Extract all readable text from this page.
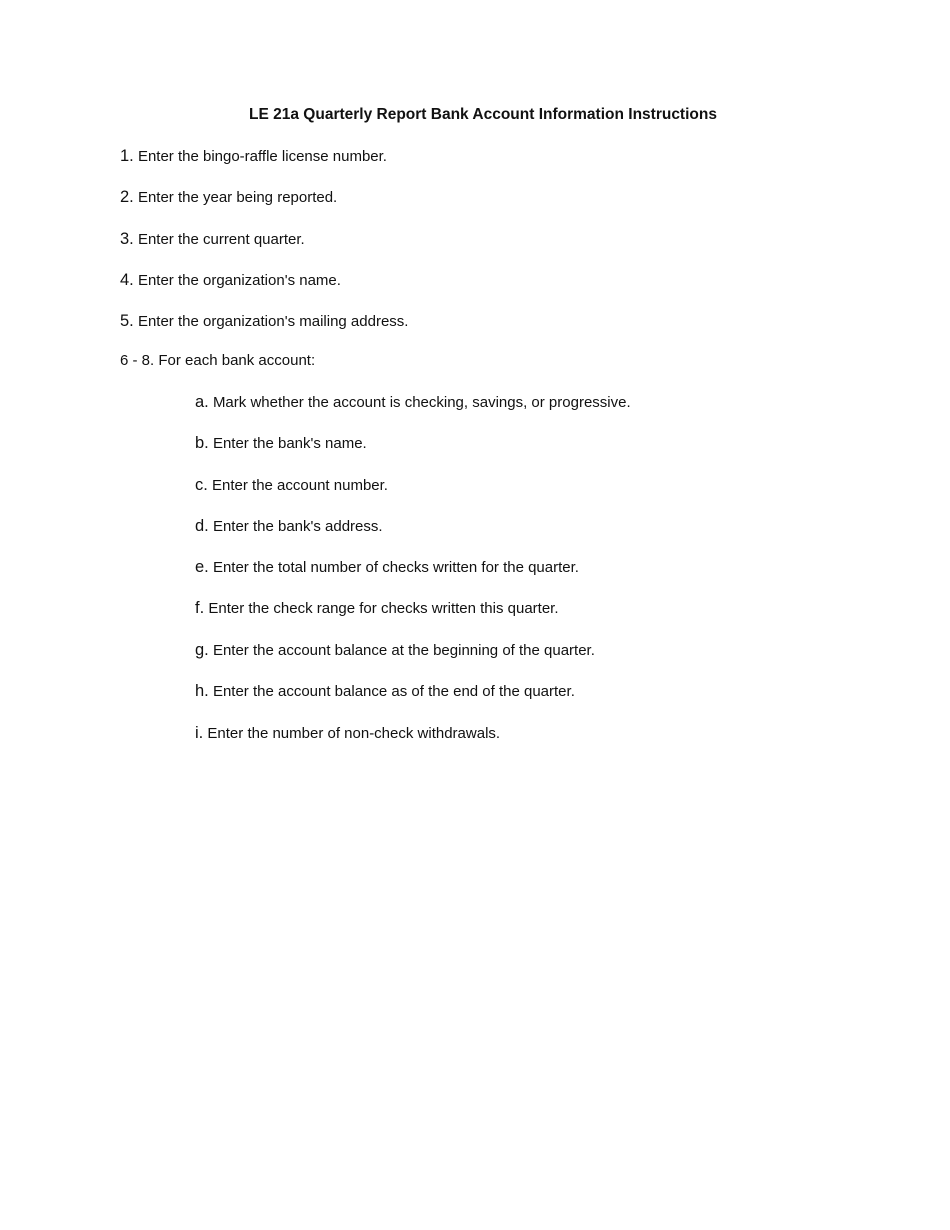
LE 21a Quarterly Report Bank Account Information Instructions
1. Enter the bingo-raffle license number.
2. Enter the year being reported.
3. Enter the current quarter.
4. Enter the organization's name.
5. Enter the organization's mailing address.
6 - 8. For each bank account:
a. Mark whether the account is checking, savings, or progressive.
b. Enter the bank's name.
c. Enter the account number.
d. Enter the bank's address.
e. Enter the total number of checks written for the quarter.
f. Enter the check range for checks written this quarter.
g. Enter the account balance at the beginning of the quarter.
h. Enter the account balance as of the end of the quarter.
i. Enter the number of non-check withdrawals.
